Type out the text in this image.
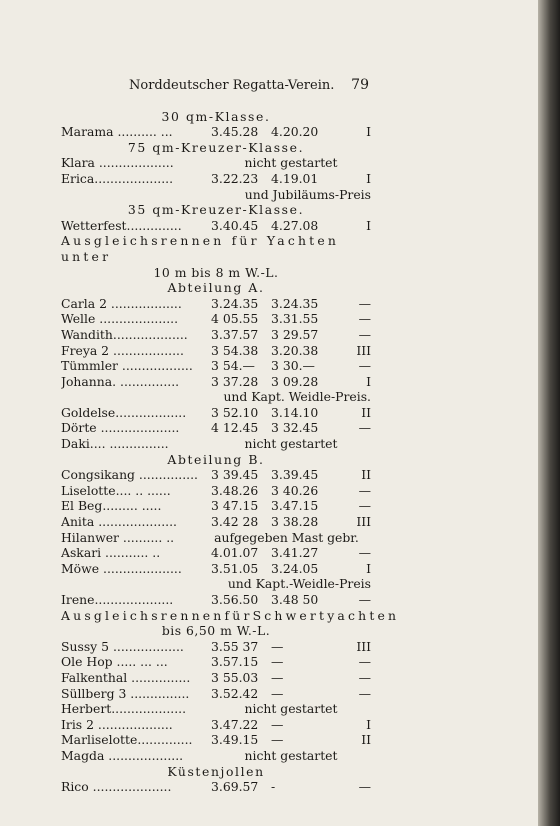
Norddeutscher Regatta-Verein. 79
30 qm-Klasse.
Marama .......... ...	3.45.28	4.20.20	I
75 qm-Kreuzer-Klasse.
Klara ...................	nicht gestartet
Erica....................	3.22.23	4.19.01	I
und Jubiläums-Preis
35 qm-Kreuzer-Klasse.
Wetterfest..............	3.40.45	4.27.08	I
Ausgleichsrennen für Yachten unter
10 m bis 8 m W.-L.
Abteilung A.
Carla 2 ..................	3.24.35	3.24.35	—
Welle ....................	4 05.55	3.31.55	—
Wandith...................	3.37.57	3 29.57	—
Freya 2 ..................	3 54.38	3.20.38	III
Tümmler ..................	3 54.—	3 30.—	—
Johanna. ...............	3 37.28	3 09.28	I
und Kapt. Weidle-Preis.
Goldelse..................	3 52.10	3.14.10	II
Dörte ....................	4 12.45	3 32.45	—
Daki.... ...............	nicht gestartet
Abteilung B.
Congsikang ...............	3 39.45	3.39.45	II
Liselotte.... .. ......	3.48.26	3 40.26	—
El Beg......... .....	3 47.15	3.47.15	—
Anita ....................	3.42 28	3 38.28	III
Hilanwer .......... ..	aufgegeben Mast gebr.
Askari ........... ..	4.01.07	3.41.27	—
Möwe ....................	3.51.05	3.24.05	I
und Kapt.-Weidle-Preis
Irene....................	3.56.50	3.48 50	—
AusgleichsrennenfürSchwertyachten
bis 6,50 m W.-L.
Sussy 5 ..................	3.55 37	—	III
Ole Hop ..... ... ...	3.57.15	—	—
Falkenthal ...............	3 55.03	—	—
Süllberg 3 ...............	3.52.42	—	—
Herbert...................	nicht gestartet
Iris 2 ...................	3.47.22	—	I
Marliselotte..............	3.49.15	—	II
Magda ...................	nicht gestartet
Küstenjollen
Rico ....................	3.69.57	-	—
